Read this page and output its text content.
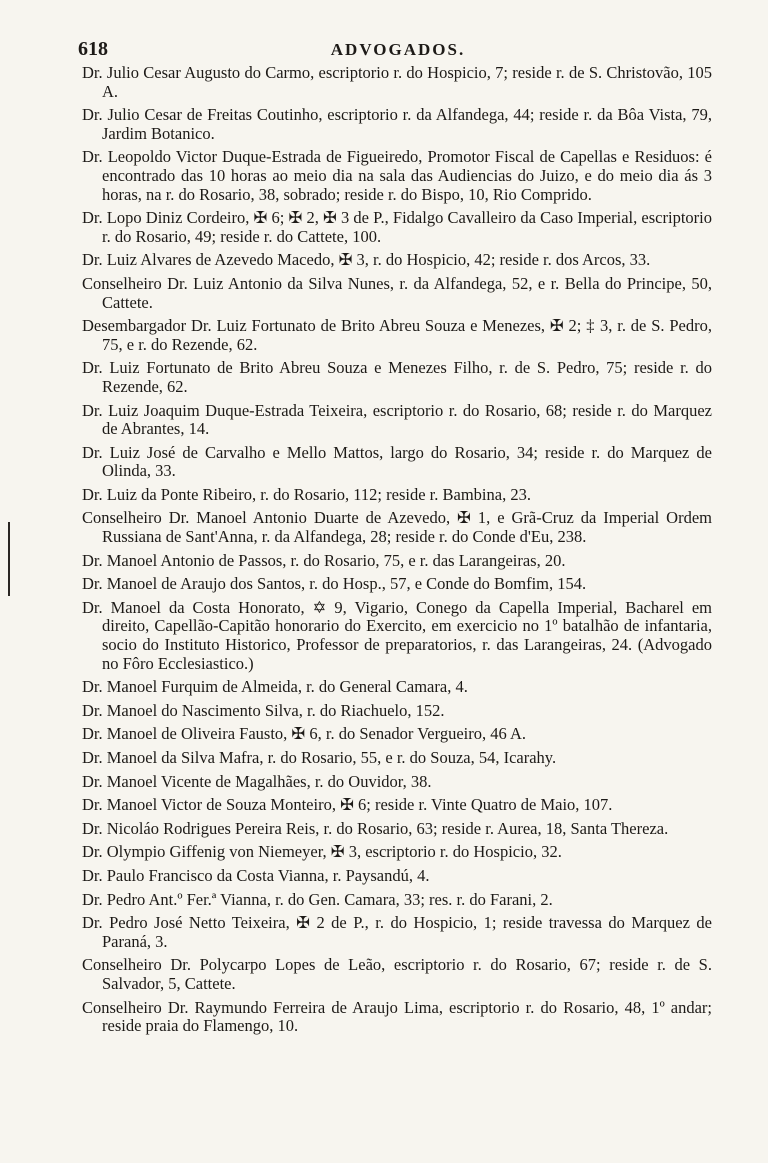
618	ADVOGADOS.

Dr. Julio Cesar Augusto do Carmo, escriptorio r. do Hospicio, 7; reside r. de S. Christovão, 105 A.

Dr. Julio Cesar de Freitas Coutinho, escriptorio r. da Alfandega, 44; reside r. da Bôa Vista, 79, Jardim Botanico.

Dr. Leopoldo Victor Duque-Estrada de Figueiredo, Promotor Fiscal de Capellas e Residuos: é encontrado das 10 horas ao meio dia na sala das Audiencias do Juizo, e do meio dia ás 3 horas, na r. do Rosario, 38, sobrado; reside r. do Bispo, 10, Rio Comprido.

Dr. Lopo Diniz Cordeiro, ✠ 6; ✠ 2, ✠ 3 de P., Fidalgo Cavalleiro da Caso Imperial, escriptorio r. do Rosario, 49; reside r. do Cattete, 100.

Dr. Luiz Alvares de Azevedo Macedo, ✠ 3, r. do Hospicio, 42; reside r. dos Arcos, 33.

Conselheiro Dr. Luiz Antonio da Silva Nunes, r. da Alfandega, 52, e r. Bella do Principe, 50, Cattete.

Desembargador Dr. Luiz Fortunato de Brito Abreu Souza e Menezes, ✠ 2; ‡ 3, r. de S. Pedro, 75, e r. do Rezende, 62.

Dr. Luiz Fortunato de Brito Abreu Souza e Menezes Filho, r. de S. Pedro, 75; reside r. do Rezende, 62.

Dr. Luiz Joaquim Duque-Estrada Teixeira, escriptorio r. do Rosario, 68; reside r. do Marquez de Abrantes, 14.

Dr. Luiz José de Carvalho e Mello Mattos, largo do Rosario, 34; reside r. do Marquez de Olinda, 33.

Dr. Luiz da Ponte Ribeiro, r. do Rosario, 112; reside r. Bambina, 23.

Conselheiro Dr. Manoel Antonio Duarte de Azevedo, ✠ 1, e Grã-Cruz da Imperial Ordem Russiana de Sant'Anna, r. da Alfandega, 28; reside r. do Conde d'Eu, 238.

Dr. Manoel Antonio de Passos, r. do Rosario, 75, e r. das Larangeiras, 20.

Dr. Manoel de Araujo dos Santos, r. do Hosp., 57, e Conde do Bomfim, 154.

Dr. Manoel da Costa Honorato, ✡ 9, Vigario, Conego da Capella Imperial, Bacharel em direito, Capellão-Capitão honorario do Exercito, em exercicio no 1º batalhão de infantaria, socio do Instituto Historico, Professor de preparatorios, r. das Larangeiras, 24. (Advogado no Fôro Ecclesiastico.)

Dr. Manoel Furquim de Almeida, r. do General Camara, 4.

Dr. Manoel do Nascimento Silva, r. do Riachuelo, 152.

Dr. Manoel de Oliveira Fausto, ✠ 6, r. do Senador Vergueiro, 46 A.

Dr. Manoel da Silva Mafra, r. do Rosario, 55, e r. do Souza, 54, Icarahy.

Dr. Manoel Vicente de Magalhães, r. do Ouvidor, 38.

Dr. Manoel Victor de Souza Monteiro, ✠ 6; reside r. Vinte Quatro de Maio, 107.

Dr. Nicoláo Rodrigues Pereira Reis, r. do Rosario, 63; reside r. Aurea, 18, Santa Thereza.

Dr. Olympio Giffenig von Niemeyer, ✠ 3, escriptorio r. do Hospicio, 32.

Dr. Paulo Francisco da Costa Vianna, r. Paysandú, 4.

Dr. Pedro Ant.º Fer.ª Vianna, r. do Gen. Camara, 33; res. r. do Farani, 2.

Dr. Pedro José Netto Teixeira, ✠ 2 de P., r. do Hospicio, 1; reside travessa do Marquez de Paraná, 3.

Conselheiro Dr. Polycarpo Lopes de Leão, escriptorio r. do Rosario, 67; reside r. de S. Salvador, 5, Cattete.

Conselheiro Dr. Raymundo Ferreira de Araujo Lima, escriptorio r. do Rosario, 48, 1º andar; reside praia do Flamengo, 10.
